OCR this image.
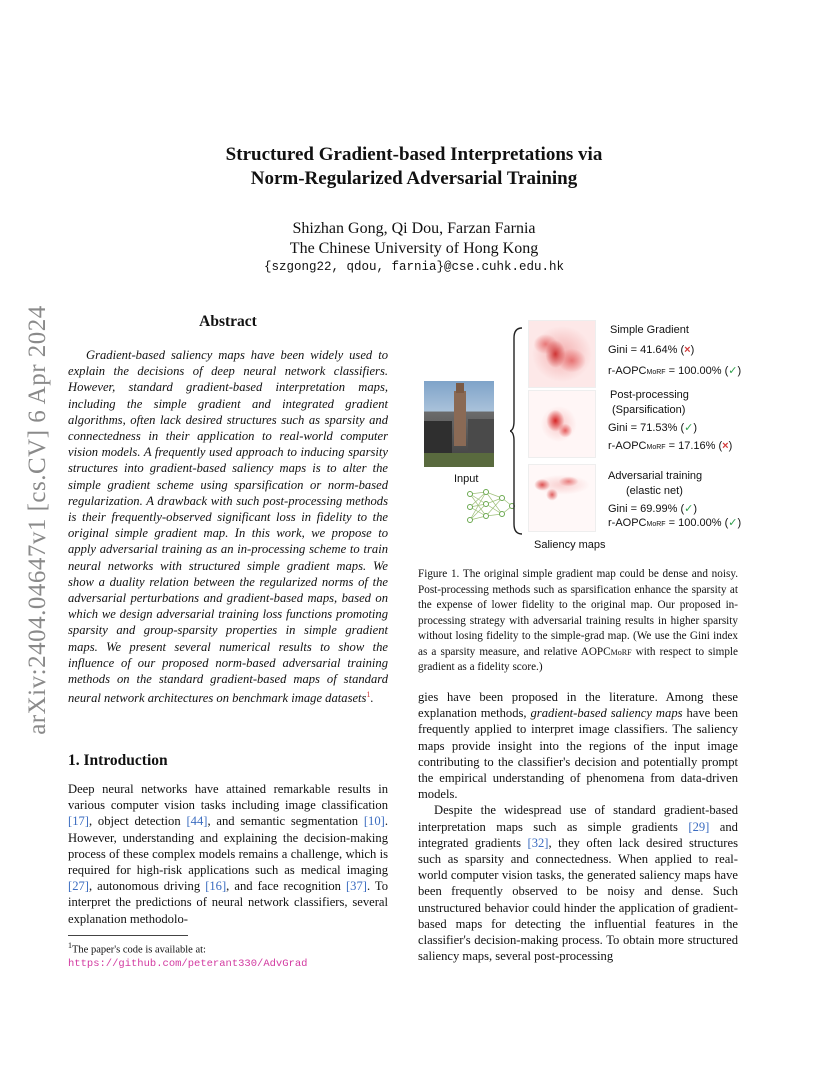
arXiv:2404.04647v1 [cs.CV] 6 Apr 2024
Structured Gradient-based Interpretations via
Norm-Regularized Adversarial Training
Shizhan Gong, Qi Dou, Farzan Farnia
The Chinese University of Hong Kong
{szgong22, qdou, farnia}@cse.cuhk.edu.hk
Abstract
Gradient-based saliency maps have been widely used to explain the decisions of deep neural network classifiers. However, standard gradient-based interpretation maps, including the simple gradient and integrated gradient algorithms, often lack desired structures such as sparsity and connectedness in their application to real-world computer vision models. A frequently used approach to inducing sparsity structures into gradient-based saliency maps is to alter the simple gradient scheme using sparsification or norm-based regularization. A drawback with such post-processing methods is their frequently-observed significant loss in fidelity to the original simple gradient map. In this work, we propose to apply adversarial training as an in-processing scheme to train neural networks with structured simple gradient maps. We show a duality relation between the regularized norms of the adversarial perturbations and gradient-based maps, based on which we design adversarial training loss functions promoting sparsity and group-sparsity properties in simple gradient maps. We present several numerical results to show the influence of our proposed norm-based adversarial training methods on the standard gradient-based maps of standard neural network architectures on benchmark image datasets$^1$.
1. Introduction
Deep neural networks have attained remarkable results in various computer vision tasks including image classification [17], object detection [44], and semantic segmentation [10]. However, understanding and explaining the decision-making process of these complex models remains a challenge, which is required for high-risk applications such as medical imaging [27], autonomous driving [16], and face recognition [37]. To interpret the predictions of neural network classifiers, several explanation methodolo-
$^1$The paper's code is available at: https://github.com/peterant330/AdvGrad
Input
Saliency maps
Simple Gradient
Gini = 41.64% (×)
r-AOPCMoRF = 100.00% (✓)
Post-processing
(Sparsification)
Gini = 71.53% (✓)
r-AOPCMoRF = 17.16% (×)
Adversarial training
(elastic net)
Gini = 69.99% (✓)
r-AOPCMoRF = 100.00% (✓)
Figure 1. The original simple gradient map could be dense and noisy. Post-processing methods such as sparsification enhance the sparsity at the expense of lower fidelity to the original map. Our proposed in-processing strategy with adversarial training results in higher sparsity without losing fidelity to the simple-grad map. (We use the Gini index as a sparsity measure, and relative AOPCMoRF with respect to simple gradient as a fidelity score.)

gies have been proposed in the literature. Among these explanation methods, gradient-based saliency maps have been frequently applied to interpret image classifiers. The saliency maps provide insight into the regions of the input image contributing to the classifier's decision and potentially prompt the empirical understanding of phenomena from data-driven models.

Despite the widespread use of standard gradient-based interpretation maps such as simple gradients [29] and integrated gradients [32], they often lack desired structures such as sparsity and connectedness. When applied to real-world computer vision tasks, the generated saliency maps have been frequently observed to be noisy and dense. Such unstructured behavior could hinder the application of gradient-based maps for detecting the influential features in the classifier's decision-making process. To obtain more structured saliency maps, several post-processing
